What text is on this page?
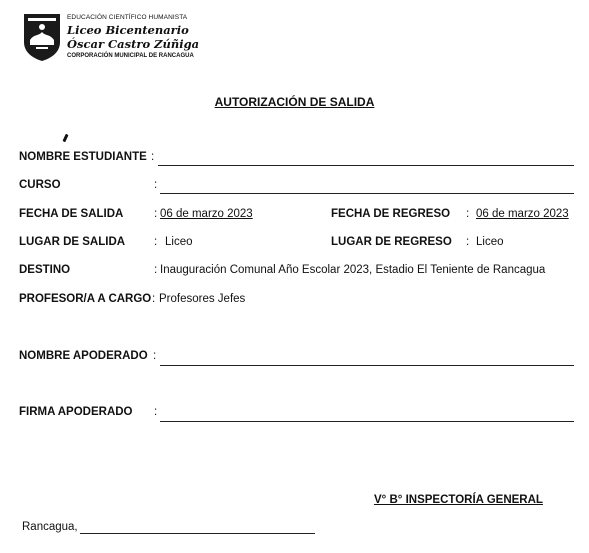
EDUCACIÓN CIENTÍFICO HUMANISTA
Liceo Bicentenario
Óscar Castro Zúñiga
CORPORACIÓN MUNICIPAL DE RANCAGUA
AUTORIZACIÓN DE SALIDA
NOMBRE ESTUDIANTE :
CURSO	:
FECHA DE SALIDA	: 06 de marzo 2023	FECHA DE REGRESO : 06 de marzo 2023
LUGAR DE SALIDA	: Liceo	LUGAR DE REGRESO : Liceo
DESTINO	: Inauguración Comunal Año Escolar 2023, Estadio El Teniente de Rancagua
PROFESOR/A A CARGO : Profesores Jefes
NOMBRE APODERADO :
FIRMA APODERADO :
V° B° INSPECTORÍA GENERAL
Rancagua,
